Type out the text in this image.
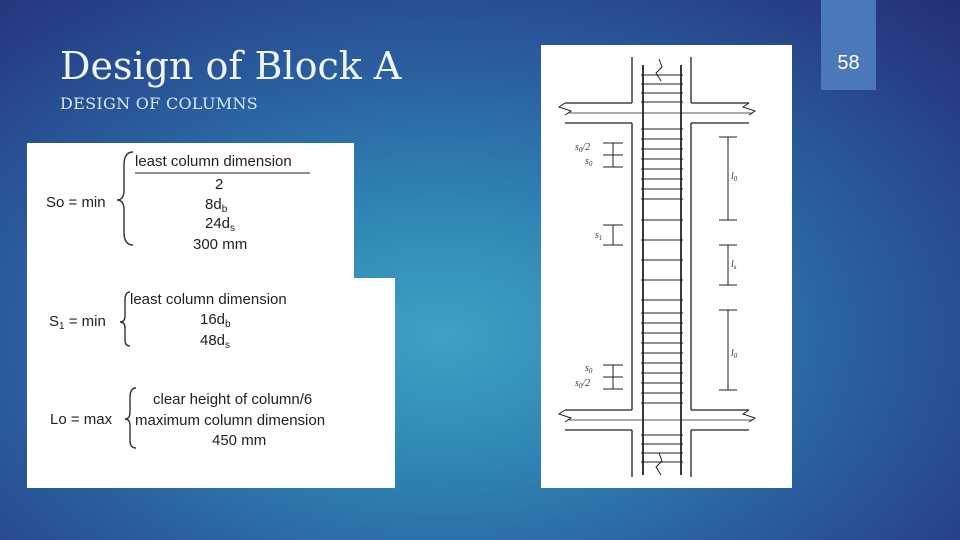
Design of Block A
DESIGN OF COLUMNS
58
So = min
least column dimension
2
$8d_b$
$24d_s$
300 mm
$S_1 = \min$
least column dimension
$16d_b$
$48d_s$
Lo = max
clear height of column/6
maximum column dimension
450 mm
$s_0/2$
$s_0$
$s_1$
$l_0$
$l_s$
$l_0$
$s_0$
$s_0/2$
